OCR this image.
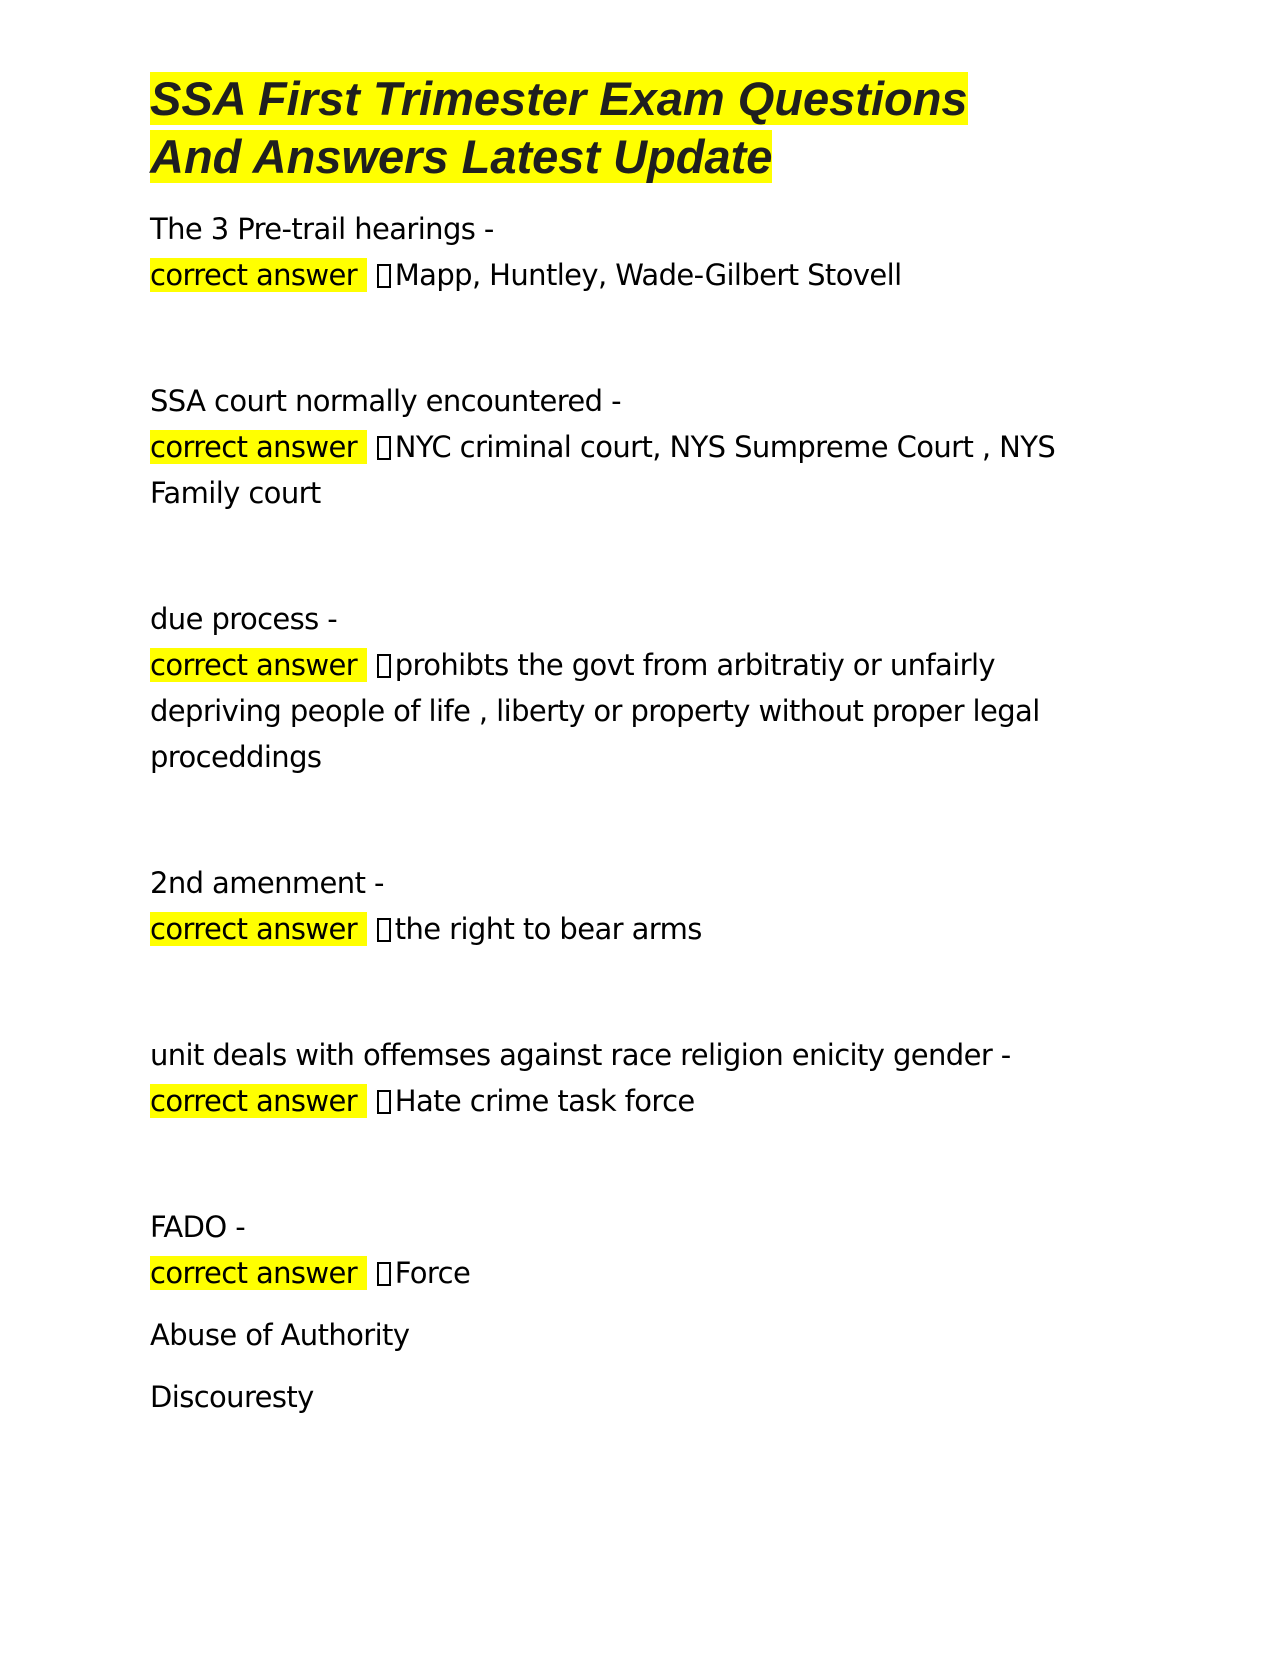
SSA First Trimester Exam Questions
And Answers Latest Update
The 3 Pre-trail hearings -
correct answer Mapp, Huntley, Wade-Gilbert Stovell
SSA court normally encountered -
correct answer NYC criminal court, NYS Sumpreme Court , NYS Family court
due process -
correct answer prohibts the govt from arbitratiy or unfairly depriving people of life , liberty or property without proper legal proceddings
2nd amenment -
correct answer the right to bear arms
unit deals with offemses against race religion enicity gender -
correct answer Hate crime task force
FADO -
correct answer Force
Abuse of Authority
Discouresty
